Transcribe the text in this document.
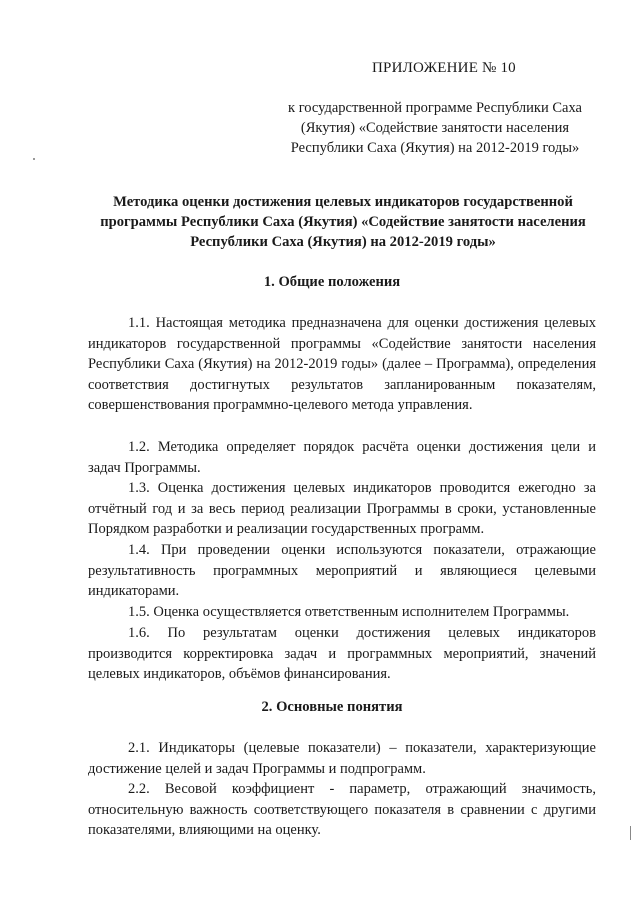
ПРИЛОЖЕНИЕ № 10
к государственной программе Республики Саха (Якутия) «Содействие занятости населения Республики Саха (Якутия) на 2012-2019 годы»
Методика оценки достижения целевых индикаторов государственной программы Республики Саха (Якутия) «Содействие занятости населения Республики Саха (Якутия) на 2012-2019 годы»
1. Общие положения
1.1. Настоящая методика предназначена для оценки достижения целевых индикаторов государственной программы «Содействие занятости населения Республики Саха (Якутия) на 2012-2019 годы» (далее – Программа), определения соответствия достигнутых результатов запланированным показателям, совершенствования программно-целевого метода управления.
1.2. Методика определяет порядок расчёта оценки достижения цели и задач Программы.
1.3. Оценка достижения целевых индикаторов проводится ежегодно за отчётный год и за весь период реализации Программы в сроки, установленные Порядком разработки и реализации государственных программ.
1.4. При проведении оценки используются показатели, отражающие результативность программных мероприятий и являющиеся целевыми индикаторами.
1.5. Оценка осуществляется ответственным исполнителем Программы.
1.6. По результатам оценки достижения целевых индикаторов производится корректировка задач и программных мероприятий, значений целевых индикаторов, объёмов финансирования.
2. Основные понятия
2.1. Индикаторы (целевые показатели) – показатели, характеризующие достижение целей и задач Программы и подпрограмм.
2.2. Весовой коэффициент - параметр, отражающий значимость, относительную важность соответствующего показателя в сравнении с другими показателями, влияющими на оценку.
